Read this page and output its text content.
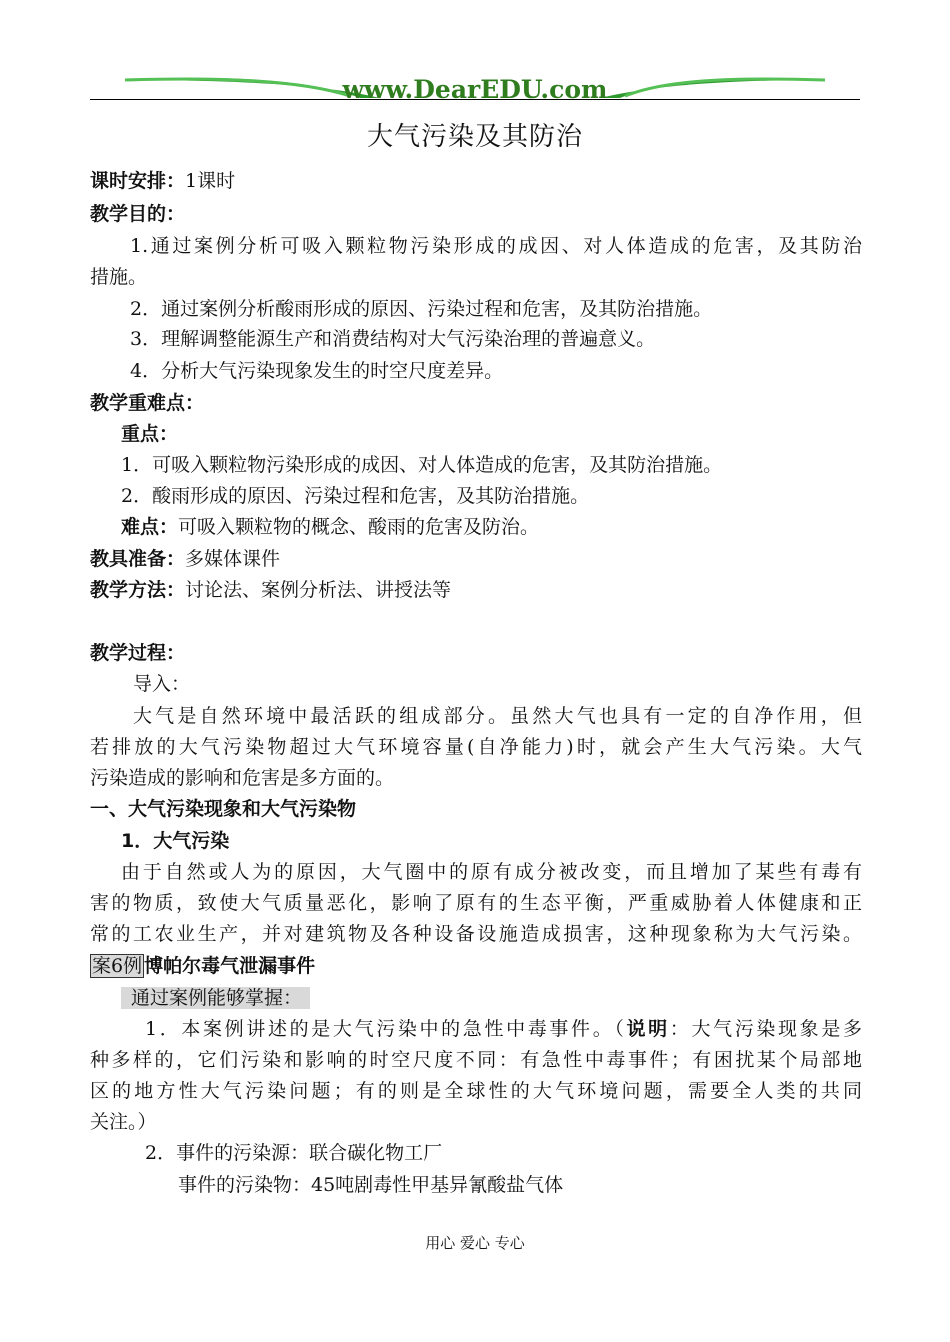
www.DearEDU.com
大气污染及其防治
课时安排：1课时
教学目的：
1.通过案例分析可吸入颗粒物污染形成的成因、对人体造成的危害，及其防治
措施。
2．通过案例分析酸雨形成的原因、污染过程和危害，及其防治措施。
3．理解调整能源生产和消费结构对大气污染治理的普遍意义。
4．分析大气污染现象发生的时空尺度差异。
教学重难点：
重点：
1．可吸入颗粒物污染形成的成因、对人体造成的危害，及其防治措施。
2．酸雨形成的原因、污染过程和危害，及其防治措施。
难点：可吸入颗粒物的概念、酸雨的危害及防治。
教具准备：多媒体课件
教学方法：讨论法、案例分析法、讲授法等
教学过程：
导入：
大气是自然环境中最活跃的组成部分。虽然大气也具有一定的自净作用，但
若排放的大气污染物超过大气环境容量(自净能力)时，就会产生大气污染。大气
污染造成的影响和危害是多方面的。
一、大气污染现象和大气污染物
1．大气污染
由于自然或人为的原因，大气圈中的原有成分被改变，而且增加了某些有毒有
害的物质，致使大气质量恶化，影响了原有的生态平衡，严重威胁着人体健康和正
常的工农业生产，并对建筑物及各种设备设施造成损害，这种现象称为大气污染。
案6例 博帕尔毒气泄漏事件
通过案例能够掌握：
1．本案例讲述的是大气污染中的急性中毒事件。（说明：大气污染现象是多
种多样的，它们污染和影响的时空尺度不同：有急性中毒事件；有困扰某个局部地
区的地方性大气污染问题；有的则是全球性的大气环境问题，需要全人类的共同
关注。）
2．事件的污染源：联合碳化物工厂
事件的污染物：45吨剧毒性甲基异氰酸盐气体
用心 爱心 专心
